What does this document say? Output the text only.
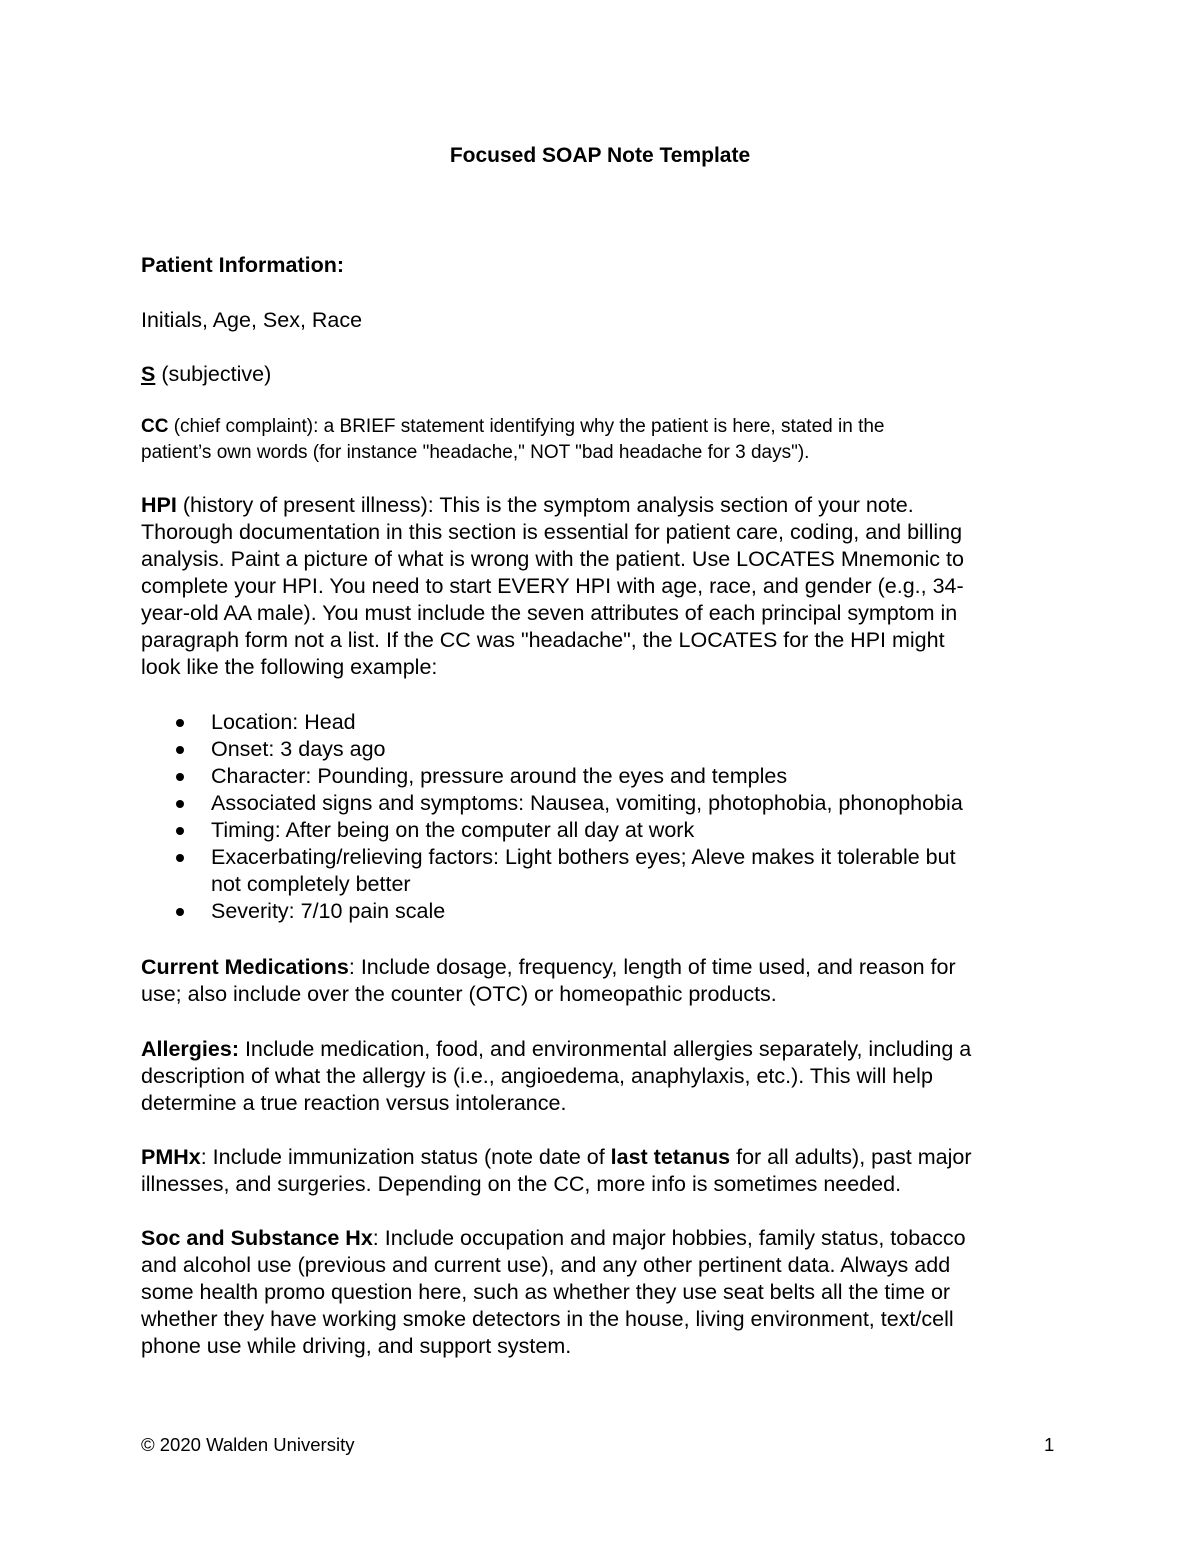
Focused SOAP Note Template
Patient Information:
Initials, Age, Sex, Race
S (subjective)
CC (chief complaint): a BRIEF statement identifying why the patient is here, stated in the
patient’s own words (for instance "headache," NOT "bad headache for 3 days").
HPI (history of present illness): This is the symptom analysis section of your note.
Thorough documentation in this section is essential for patient care, coding, and billing
analysis. Paint a picture of what is wrong with the patient. Use LOCATES Mnemonic to
complete your HPI. You need to start EVERY HPI with age, race, and gender (e.g., 34-
year-old AA male). You must include the seven attributes of each principal symptom in
paragraph form not a list. If the CC was "headache", the LOCATES for the HPI might
look like the following example:
Location: Head
Onset: 3 days ago
Character: Pounding, pressure around the eyes and temples
Associated signs and symptoms: Nausea, vomiting, photophobia, phonophobia
Timing: After being on the computer all day at work
Exacerbating/relieving factors: Light bothers eyes; Aleve makes it tolerable but
not completely better
Severity: 7/10 pain scale
Current Medications: Include dosage, frequency, length of time used, and reason for
use; also include over the counter (OTC) or homeopathic products.
Allergies: Include medication, food, and environmental allergies separately, including a
description of what the allergy is (i.e., angioedema, anaphylaxis, etc.). This will help
determine a true reaction versus intolerance.
PMHx: Include immunization status (note date of last tetanus for all adults), past major
illnesses, and surgeries. Depending on the CC, more info is sometimes needed.
Soc and Substance Hx: Include occupation and major hobbies, family status, tobacco
and alcohol use (previous and current use), and any other pertinent data. Always add
some health promo question here, such as whether they use seat belts all the time or
whether they have working smoke detectors in the house, living environment, text/cell
phone use while driving, and support system.
© 2020 Walden University	1
